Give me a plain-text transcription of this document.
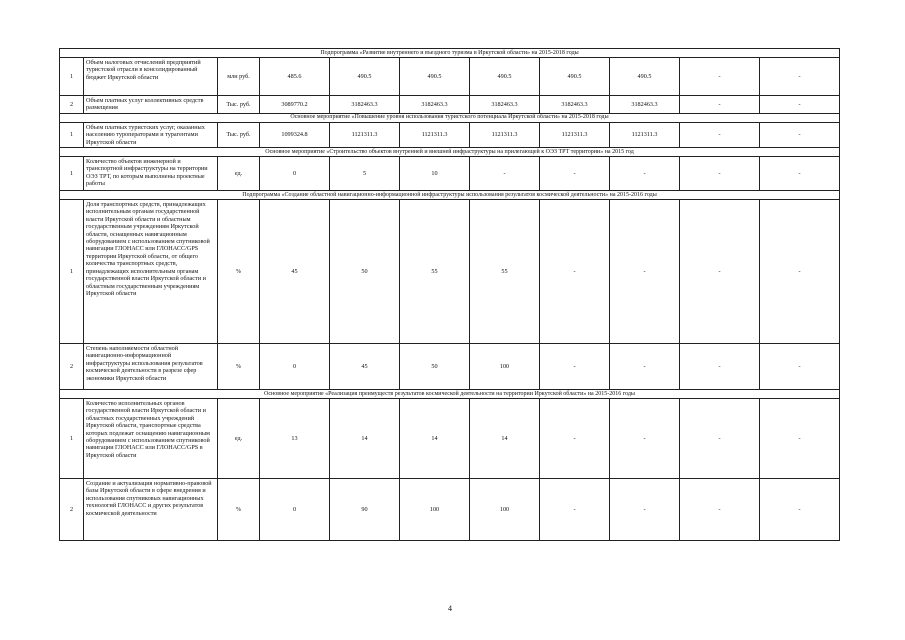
Подпрограмма «Развитие внутреннего и въездного туризма в Иркутской области» на 2015-2018 годы										
1	Объем налоговых отчислений предприятий туристской отрасли в консолидированный бюджет Иркутской области	млн руб.	485.6	490.5	490.5	490.5	490.5	490.5	-	-
2	Объем платных услуг коллективных средств размещения	Тыс. руб.	3089770.2	3182463.3	3182463.3	3182463.3	3182463.3	3182463.3	-	-
Основное мероприятие «Повышение уровня использования туристского потенциала Иркутской области» на 2015-2018 годы										
1	Объем платных туристских услуг, оказанных населению туроператорами и турагентами Иркутской области	Тыс. руб.	1099324.8	1121311.3	1121311.3	1121311.3	1121311.3	1121311.3	-	-
Основное мероприятие «Строительство объектов внутренней и внешней инфраструктуры на прилегающей к ОЭЗ ТРТ территории» на 2015 год										
1	Количество объектов инженерной и транспортной инфраструктуры на территории ОЭЗ ТРТ, по которым выполнены проектные работы	ед.	0	5	10	-	-	-	-	-
Подпрограмма «Создание областной навигационно-информационной инфраструктуры использования результатов космической деятельности» на 2015-2016 годы										
1	Доля транспортных средств, принадлежащих исполнительным органам государственной власти Иркутской области и областным государственным учреждениям Иркутской области, оснащенных навигационным оборудованием с использованием спутниковой навигации ГЛОНАСС или ГЛОНАСС/GPS территории Иркутской области, от общего количества транспортных средств, принадлежащих исполнительным органам государственной власти Иркутской области и областным государственным учреждениям Иркутской области	%	45	50	55	55	-	-	-	-
2	Степень наполняемости областной навигационно-информационной инфраструктуры использования результатов космической деятельности в разрезе сфер экономики Иркутской области	%	0	45	50	100	-	-	-	-
Основное мероприятие «Реализация преимуществ результатов космической деятельности на территории Иркутской области» на 2015-2016 годы										
1	Количество исполнительных органов государственной власти Иркутской области и областных государственных учреждений Иркутской области, транспортные средства которых подлежат оснащению навигационным оборудованием с использованием спутниковой навигации ГЛОНАСС или ГЛОНАСС/GPS в Иркутской области	ед.	13	14	14	14	-	-	-	-
2	Создание и актуализация нормативно-правовой базы Иркутской области в сфере внедрения и использования спутниковых навигационных технологий ГЛОНАСС и других результатов космической деятельности	%	0	90	100	100	-	-	-	-
4
